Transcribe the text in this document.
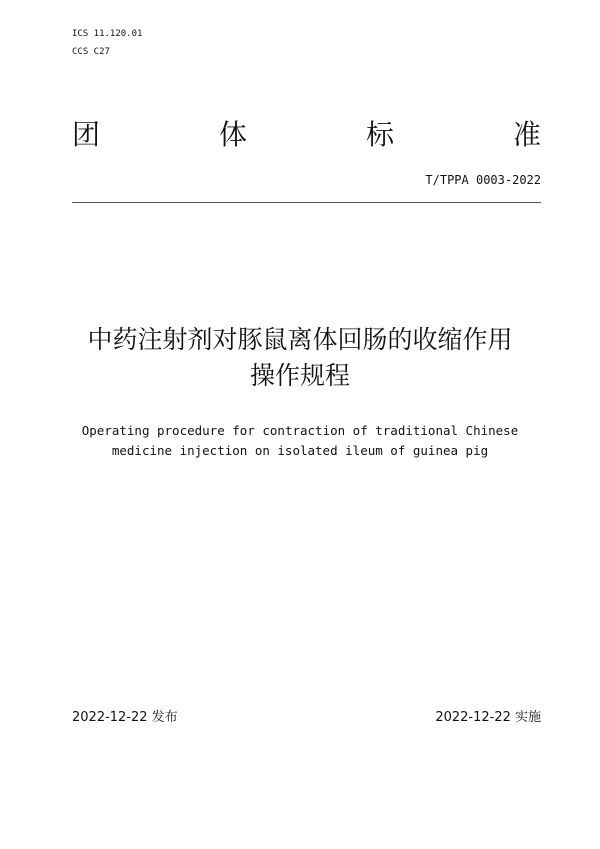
ICS 11.120.01
CCS C27
团	体	标	准
T/TPPA 0003-2022
中药注射剂对豚鼠离体回肠的收缩作用
操作规程
Operating procedure for contraction of traditional Chinese
medicine injection on isolated ileum of guinea pig
2022-12-22 发布	2022-12-22 实施
